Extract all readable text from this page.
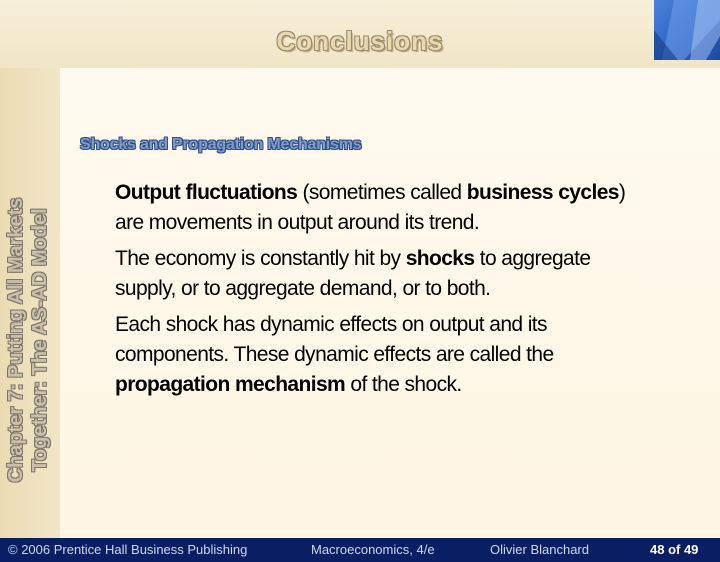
Conclusions
Chapter 7: Putting All Markets Together: The AS-AD Model
Shocks and Propagation Mechanisms

Output fluctuations (sometimes called business cycles) are movements in output around its trend.

The economy is constantly hit by shocks to aggregate supply, or to aggregate demand, or to both.

Each shock has dynamic effects on output and its components. These dynamic effects are called the propagation mechanism of the shock.

© 2006 Prentice Hall Business Publishing	Macroeconomics, 4/e	Olivier Blanchard	48 of 49
